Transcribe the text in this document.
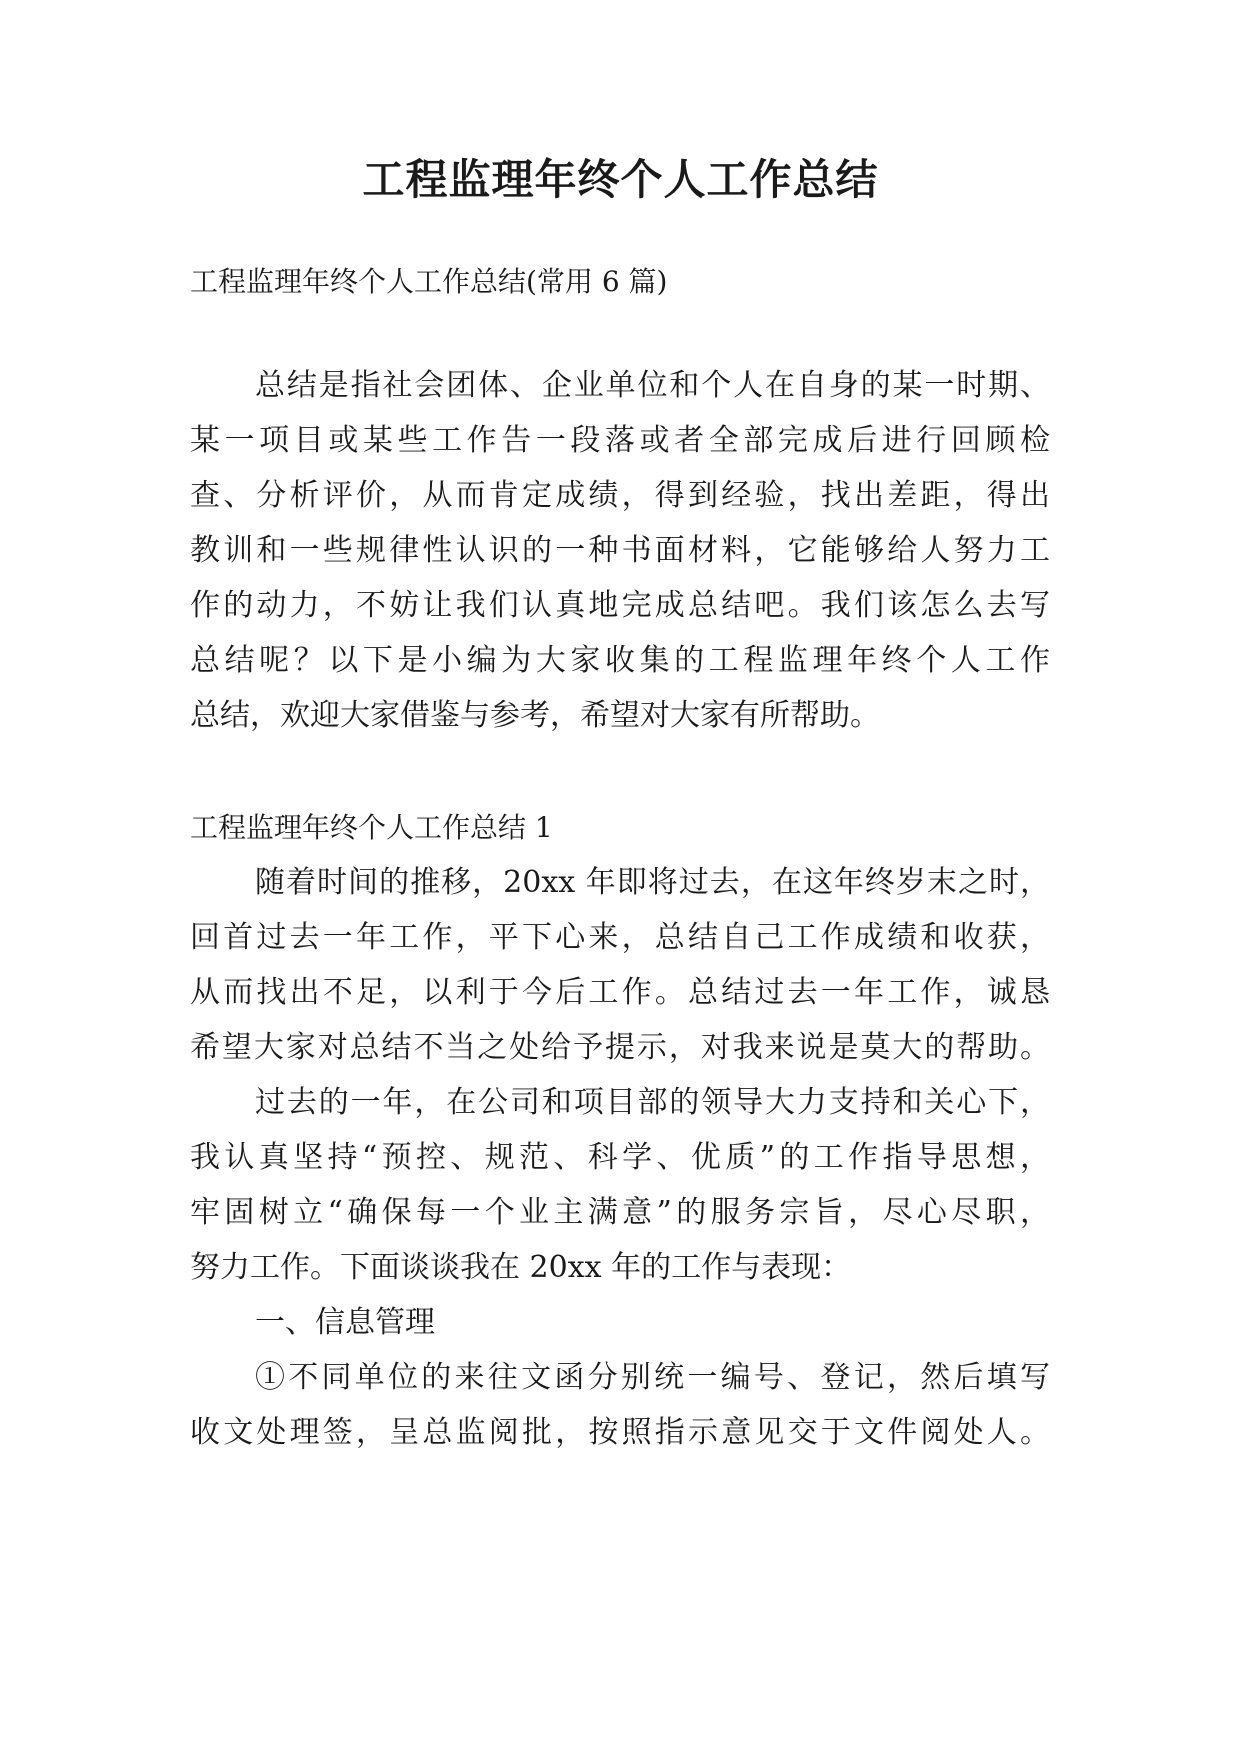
工程监理年终个人工作总结

工程监理年终个人工作总结(常用 6 篇)

总结是指社会团体、企业单位和个人在自身的某一时期、

某一项目或某些工作告一段落或者全部完成后进行回顾检

查、分析评价，从而肯定成绩，得到经验，找出差距，得出

教训和一些规律性认识的一种书面材料，它能够给人努力工

作的动力，不妨让我们认真地完成总结吧。我们该怎么去写

总结呢？以下是小编为大家收集的工程监理年终个人工作

总结，欢迎大家借鉴与参考，希望对大家有所帮助。

工程监理年终个人工作总结 1

随着时间的推移，20xx 年即将过去，在这年终岁末之时，

回首过去一年工作，平下心来，总结自己工作成绩和收获，

从而找出不足，以利于今后工作。总结过去一年工作，诚恳

希望大家对总结不当之处给予提示，对我来说是莫大的帮助。

过去的一年，在公司和项目部的领导大力支持和关心下，

我认真坚持“预控、规范、科学、优质”的工作指导思想，

牢固树立“确保每一个业主满意”的服务宗旨，尽心尽职，

努力工作。下面谈谈我在 20xx 年的工作与表现：

一、信息管理

①不同单位的来往文函分别统一编号、登记，然后填写

收文处理签，呈总监阅批，按照指示意见交于文件阅处人。
